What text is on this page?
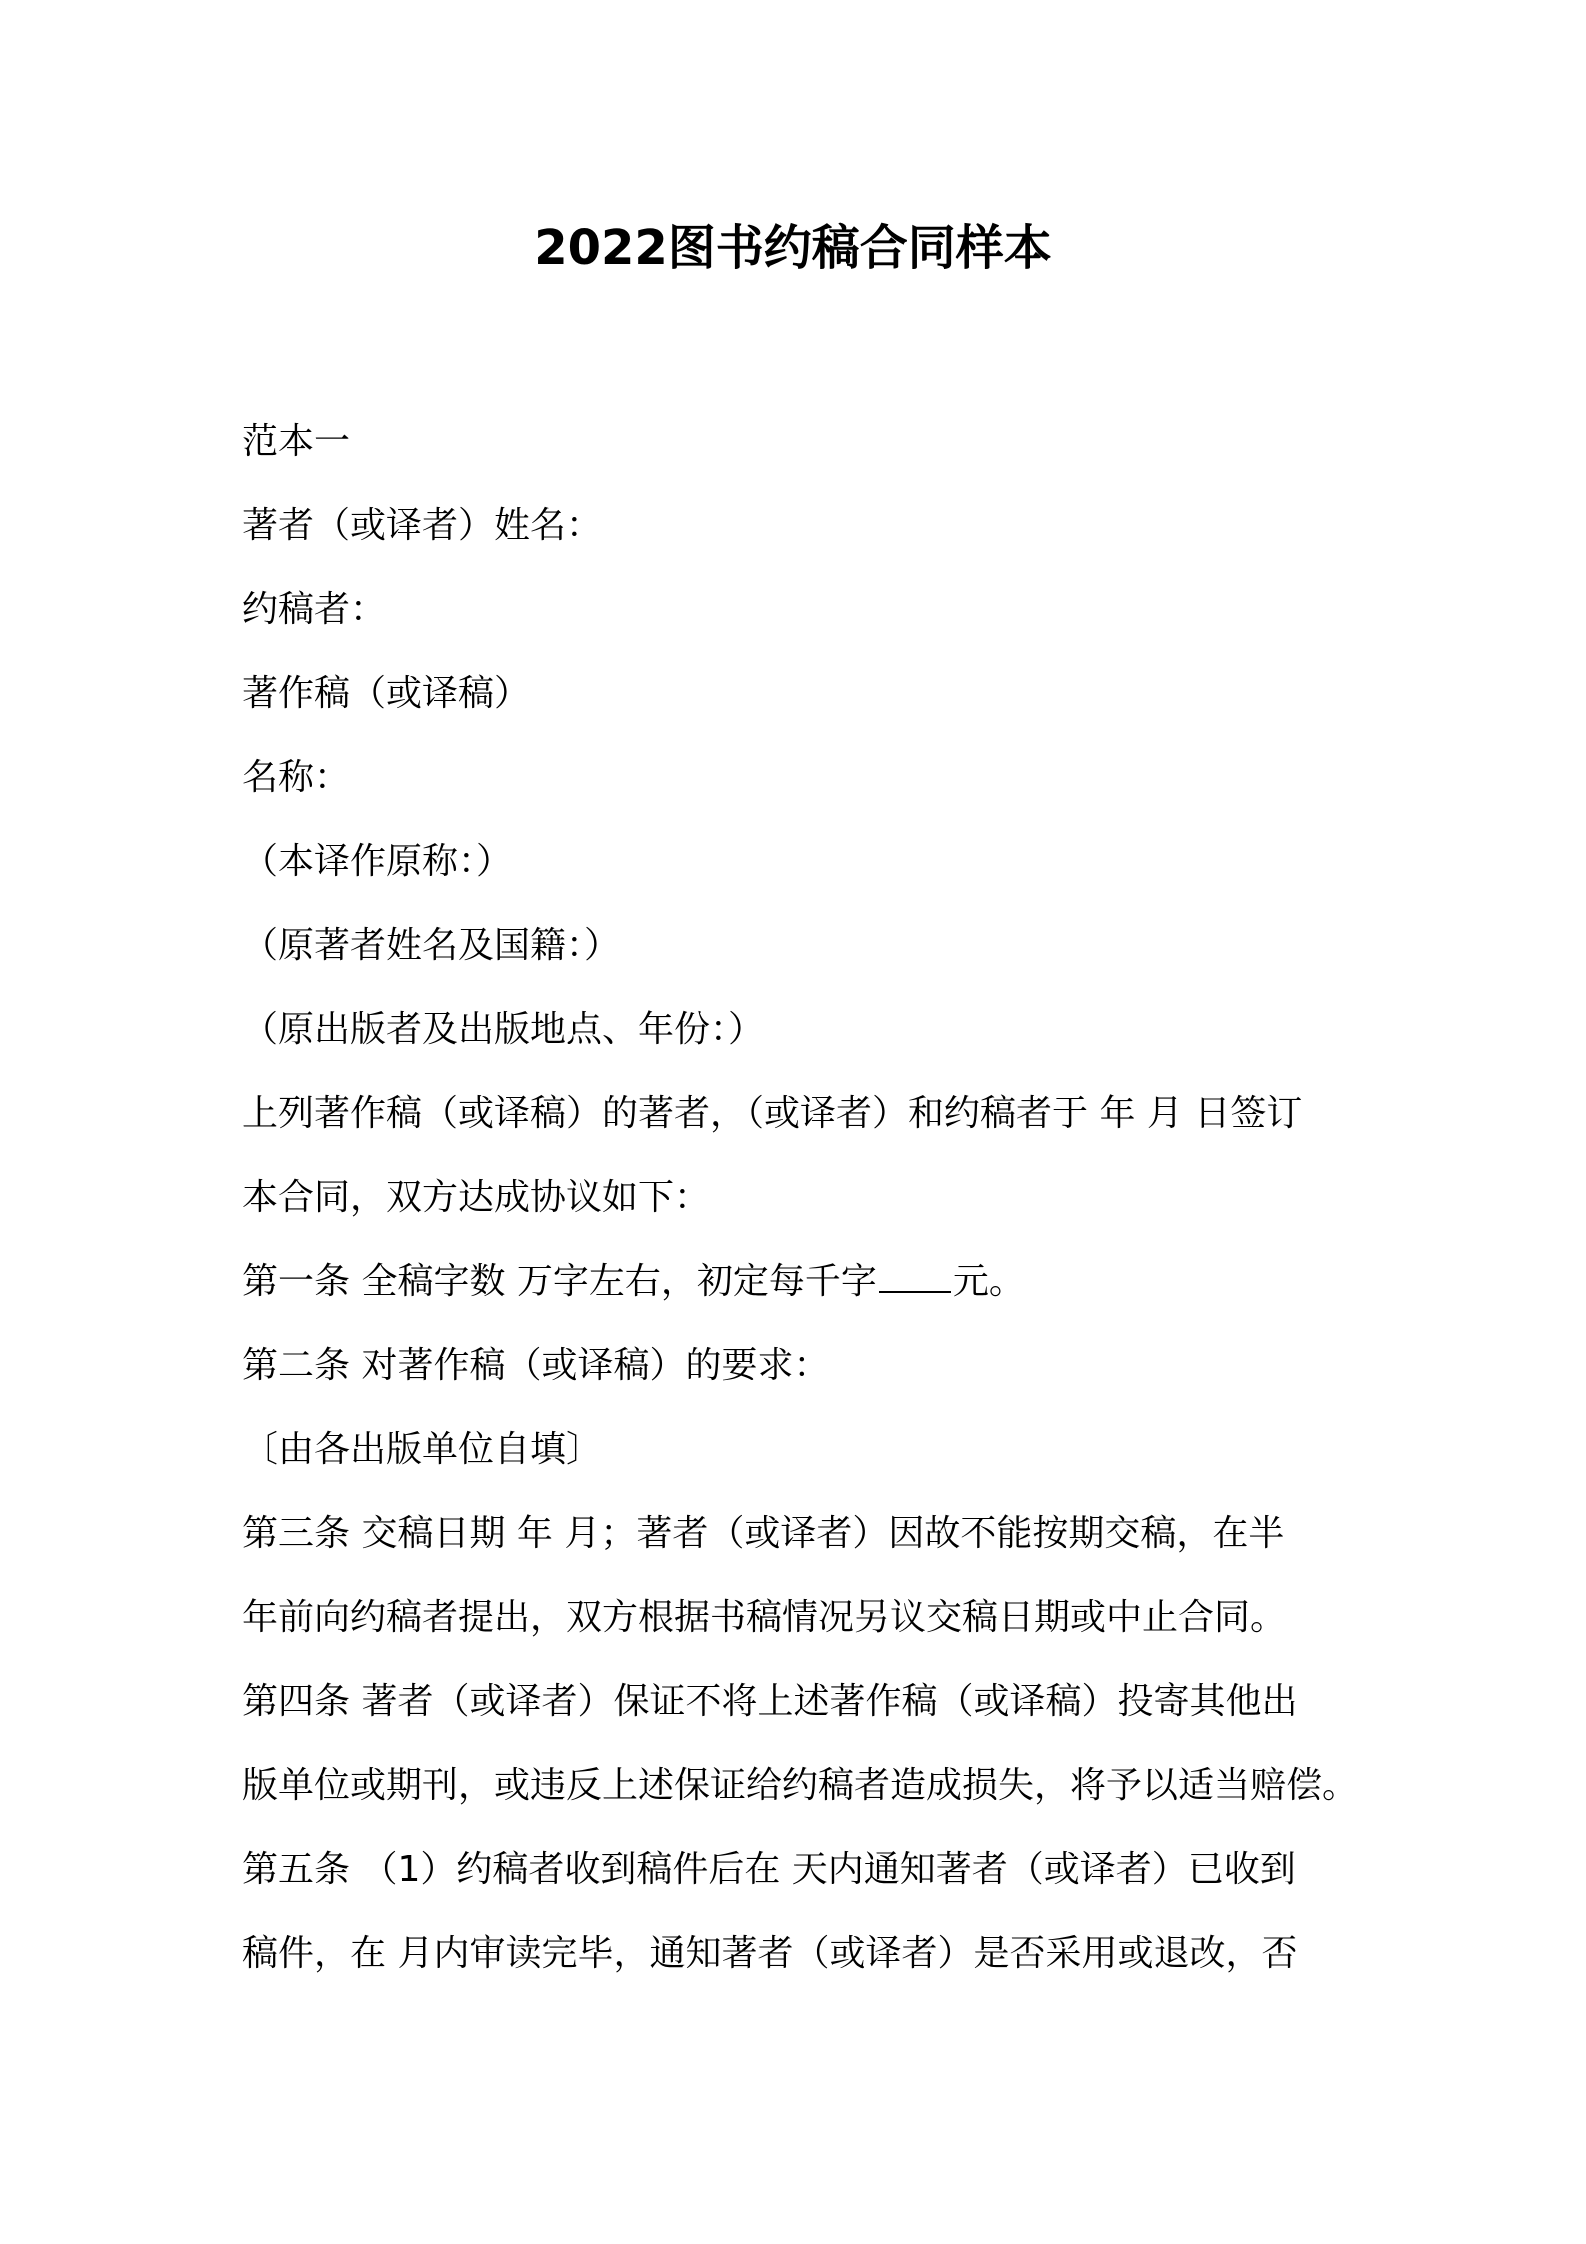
2022图书约稿合同样本

范本一

著者（或译者）姓名：

约稿者：

著作稿（或译稿）

名称：

（本译作原称：）

（原著者姓名及国籍：）

（原出版者及出版地点、年份：）

上列著作稿（或译稿）的著者，（或译者）和约稿者于 年 月 日签订

本合同，双方达成协议如下：

第一条 全稿字数 万字左右，初定每千字 元。

第二条 对著作稿（或译稿）的要求：

〔由各出版单位自填〕

第三条 交稿日期 年 月；著者（或译者）因故不能按期交稿，在半

年前向约稿者提出，双方根据书稿情况另议交稿日期或中止合同。

第四条 著者（或译者）保证不将上述著作稿（或译稿）投寄其他出

版单位或期刊，或违反上述保证给约稿者造成损失，将予以适当赔偿。

第五条 （1）约稿者收到稿件后在 天内通知著者（或译者）已收到

稿件，在 月内审读完毕，通知著者（或译者）是否采用或退改，否
